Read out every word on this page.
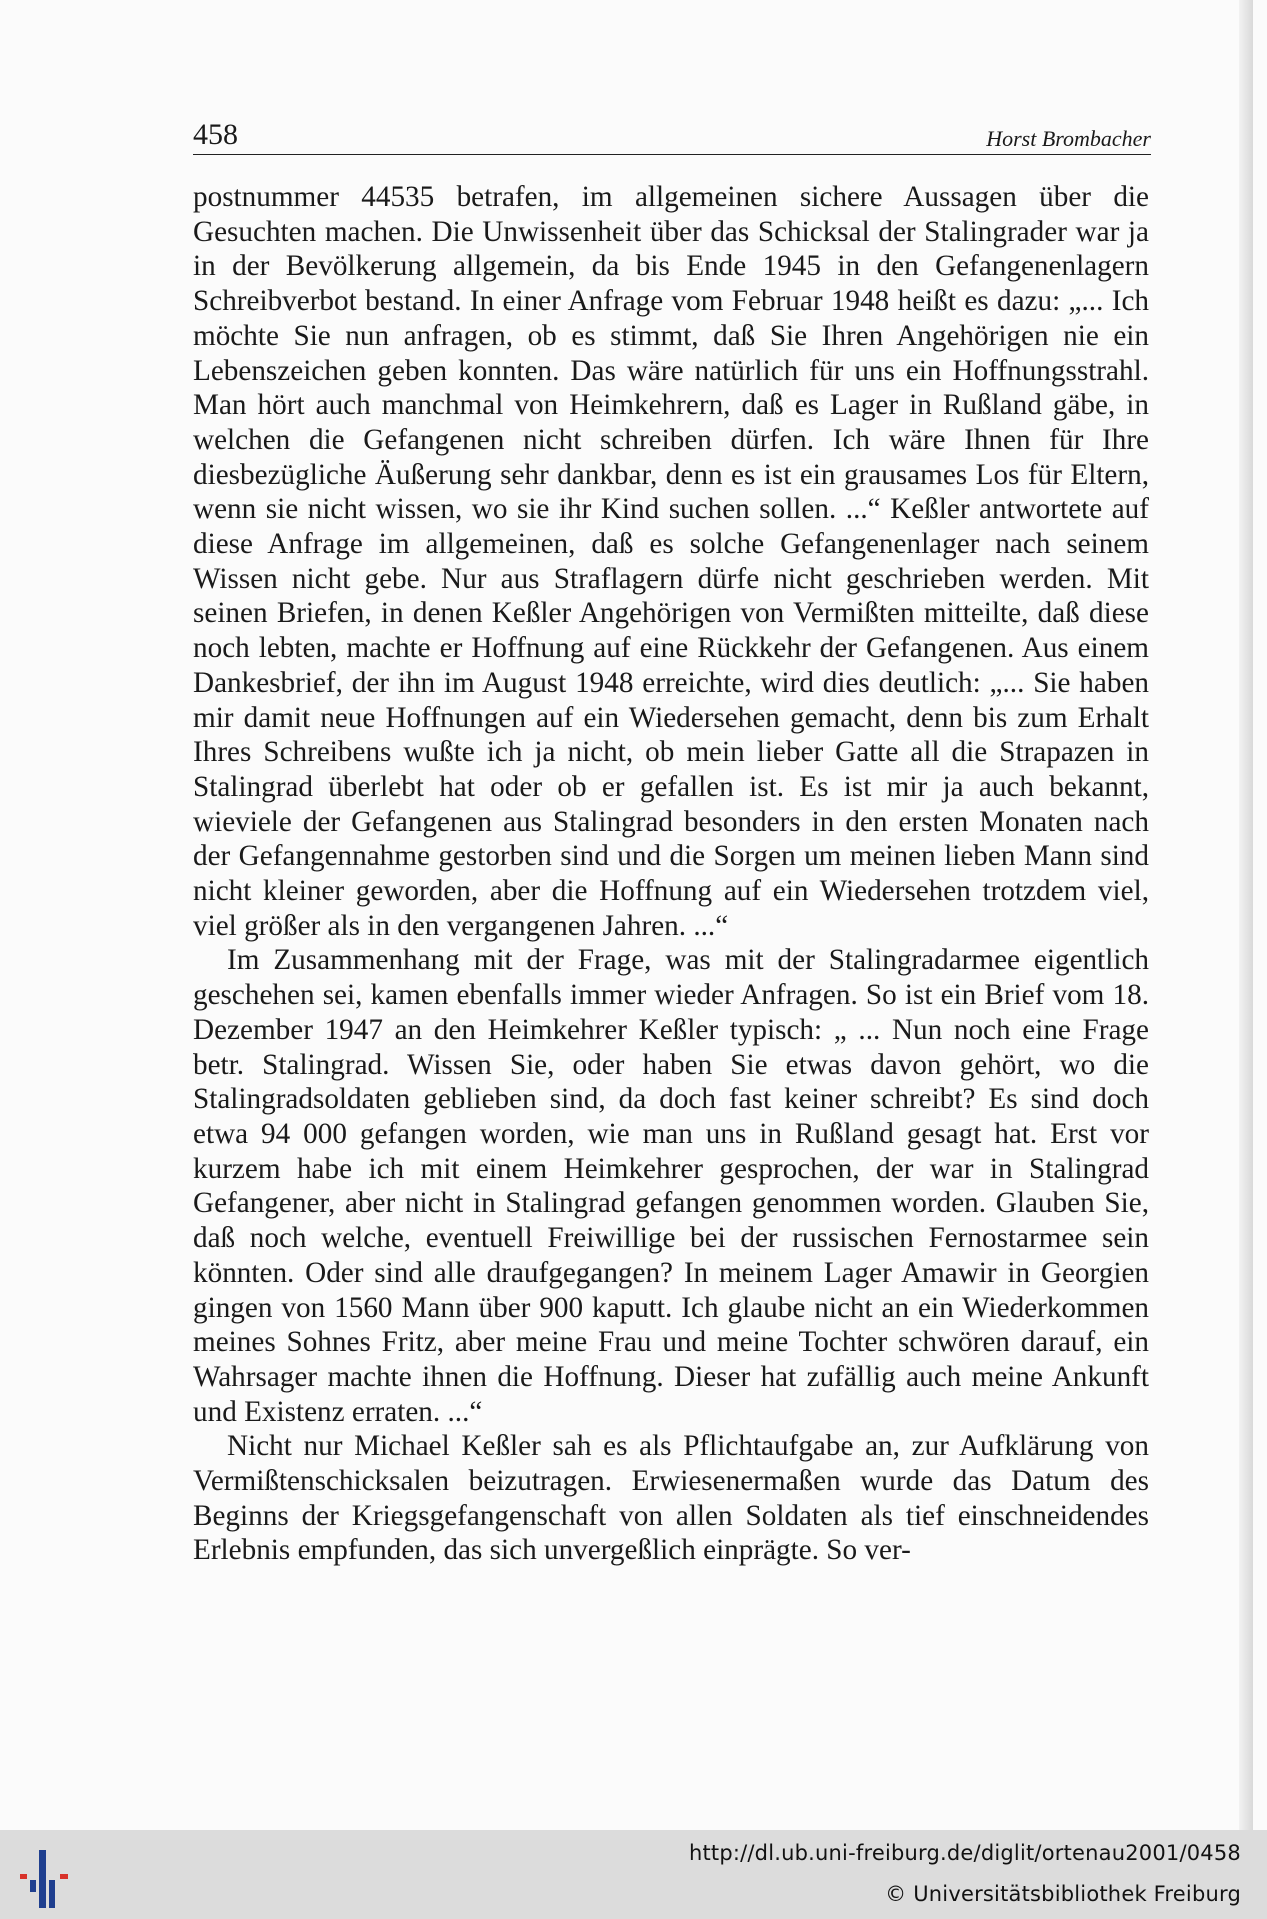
458	Horst Brombacher

postnummer 44535 betrafen, im allgemeinen sichere Aussagen über die Gesuchten machen. Die Unwissenheit über das Schicksal der Stalingrader war ja in der Bevölkerung allgemein, da bis Ende 1945 in den Gefangenenlagern Schreibverbot bestand. In einer Anfrage vom Februar 1948 heißt es dazu: „... Ich möchte Sie nun anfragen, ob es stimmt, daß Sie Ihren Angehörigen nie ein Lebenszeichen geben konnten. Das wäre natürlich für uns ein Hoffnungsstrahl. Man hört auch manchmal von Heimkehrern, daß es Lager in Rußland gäbe, in welchen die Gefangenen nicht schreiben dürfen. Ich wäre Ihnen für Ihre diesbezügliche Äußerung sehr dankbar, denn es ist ein grausames Los für Eltern, wenn sie nicht wissen, wo sie ihr Kind suchen sollen. ...“ Keßler antwortete auf diese Anfrage im allgemeinen, daß es solche Gefangenenlager nach seinem Wissen nicht gebe. Nur aus Straflagern dürfe nicht geschrieben werden. Mit seinen Briefen, in denen Keßler Angehörigen von Vermißten mitteilte, daß diese noch lebten, machte er Hoffnung auf eine Rückkehr der Gefangenen. Aus einem Dankesbrief, der ihn im August 1948 erreichte, wird dies deutlich: „... Sie haben mir damit neue Hoffnungen auf ein Wiedersehen gemacht, denn bis zum Erhalt Ihres Schreibens wußte ich ja nicht, ob mein lieber Gatte all die Strapazen in Stalingrad überlebt hat oder ob er gefallen ist. Es ist mir ja auch bekannt, wieviele der Gefangenen aus Stalingrad besonders in den ersten Monaten nach der Gefangennahme gestorben sind und die Sorgen um meinen lieben Mann sind nicht kleiner geworden, aber die Hoffnung auf ein Wiedersehen trotzdem viel, viel größer als in den vergangenen Jahren. ...“

Im Zusammenhang mit der Frage, was mit der Stalingradarmee eigentlich geschehen sei, kamen ebenfalls immer wieder Anfragen. So ist ein Brief vom 18. Dezember 1947 an den Heimkehrer Keßler typisch: „ ... Nun noch eine Frage betr. Stalingrad. Wissen Sie, oder haben Sie etwas davon gehört, wo die Stalingradsoldaten geblieben sind, da doch fast keiner schreibt? Es sind doch etwa 94 000 gefangen worden, wie man uns in Rußland gesagt hat. Erst vor kurzem habe ich mit einem Heimkehrer gesprochen, der war in Stalingrad Gefangener, aber nicht in Stalingrad gefangen genommen worden. Glauben Sie, daß noch welche, eventuell Freiwillige bei der russischen Fernostarmee sein könnten. Oder sind alle draufgegangen? In meinem Lager Amawir in Georgien gingen von 1560 Mann über 900 kaputt. Ich glaube nicht an ein Wiederkommen meines Sohnes Fritz, aber meine Frau und meine Tochter schwören darauf, ein Wahrsager machte ihnen die Hoffnung. Dieser hat zufällig auch meine Ankunft und Existenz erraten. ...“

Nicht nur Michael Keßler sah es als Pflichtaufgabe an, zur Aufklärung von Vermißtenschicksalen beizutragen. Erwiesenermaßen wurde das Datum des Beginns der Kriegsgefangenschaft von allen Soldaten als tief einschneidendes Erlebnis empfunden, das sich unvergeßlich einprägte. So ver-

http://dl.ub.uni-freiburg.de/diglit/ortenau2001/0458
© Universitätsbibliothek Freiburg
